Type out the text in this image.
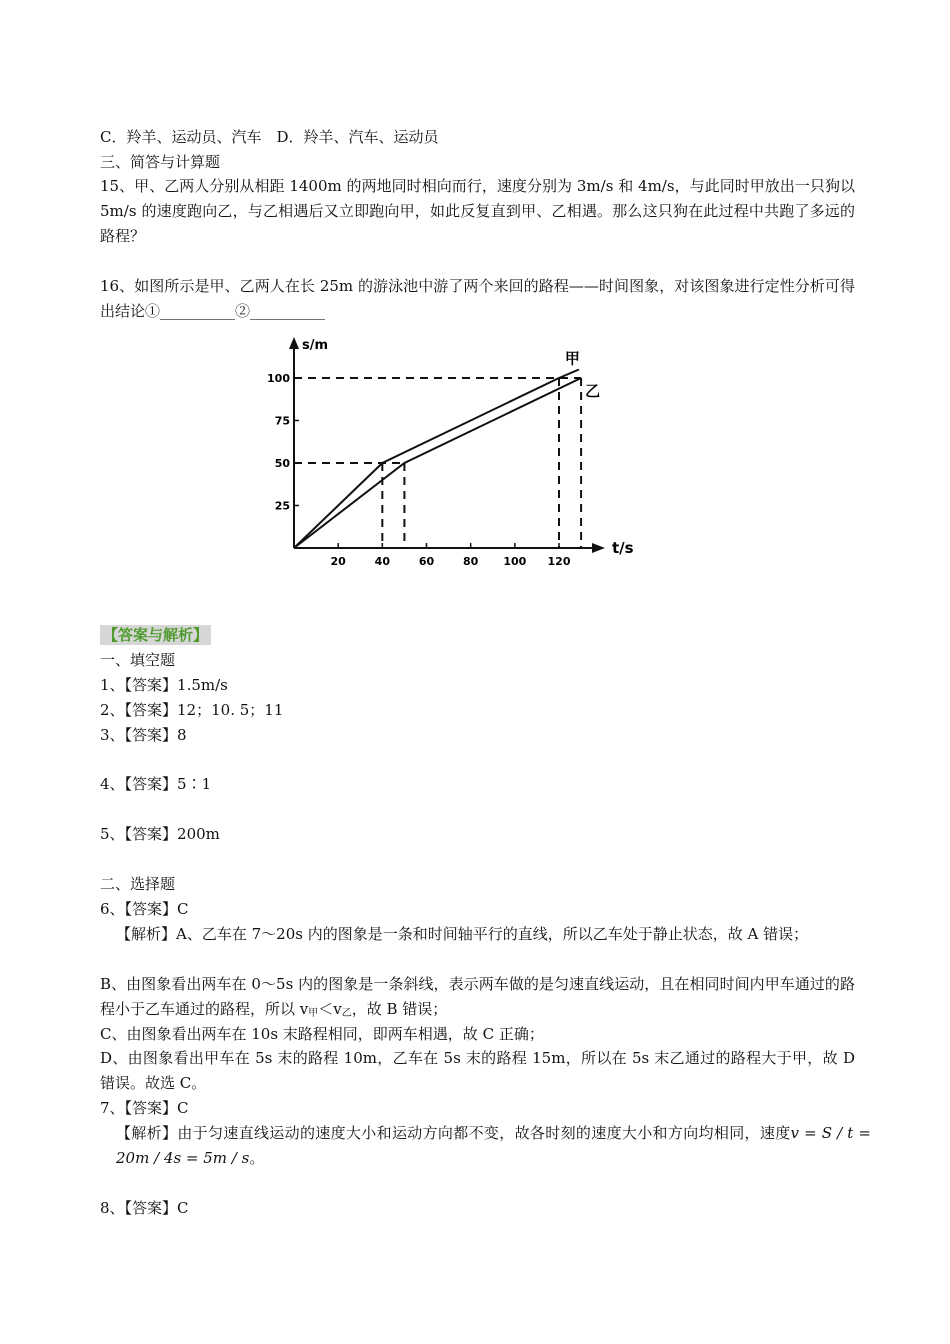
C．羚羊、运动员、汽车　D．羚羊、汽车、运动员
三、简答与计算题
15、甲、乙两人分别从相距 1400m 的两地同时相向而行，速度分别为 3m/s 和 4m/s，与此同时甲放出一只狗以 5m/s 的速度跑向乙，与乙相遇后又立即跑向甲，如此反复直到甲、乙相遇。那么这只狗在此过程中共跑了多远的路程？
16、如图所示是甲、乙两人在长 25m 的游泳池中游了两个来回的路程——时间图象，对该图象进行定性分析可得出结论①__________②__________
s/m
t/s
20	40	60	80 100 120
25
50
75
100
甲
乙
【答案与解析】
一、填空题
1、【答案】1.5m/s
2、【答案】12；10. 5；11
3、【答案】8
4、【答案】5∶1
5、【答案】200m
二、选择题
6、【答案】C
【解析】A、乙车在 7～20s 内的图象是一条和时间轴平行的直线，所以乙车处于静止状态，故 A 错误；
B、由图象看出两车在 0～5s 内的图象是一条斜线，表示两车做的是匀速直线运动，且在相同时间内甲车通过的路程小于乙车通过的路程，所以 $v_甲<v_乙$，故 B 错误；
C、由图象看出两车在 10s 末路程相同，即两车相遇，故 C 正确；
D、由图象看出甲车在 5s 末的路程 10m，乙车在 5s 末的路程 15m，所以在 5s 末乙通过的路程大于甲，故 D 错误。故选 C。
7、【答案】C
【解析】由于匀速直线运动的速度大小和运动方向都不变，故各时刻的速度大小和方向均相同，速度v = S / t = 20m / 4s = 5m / s。
8、【答案】C
